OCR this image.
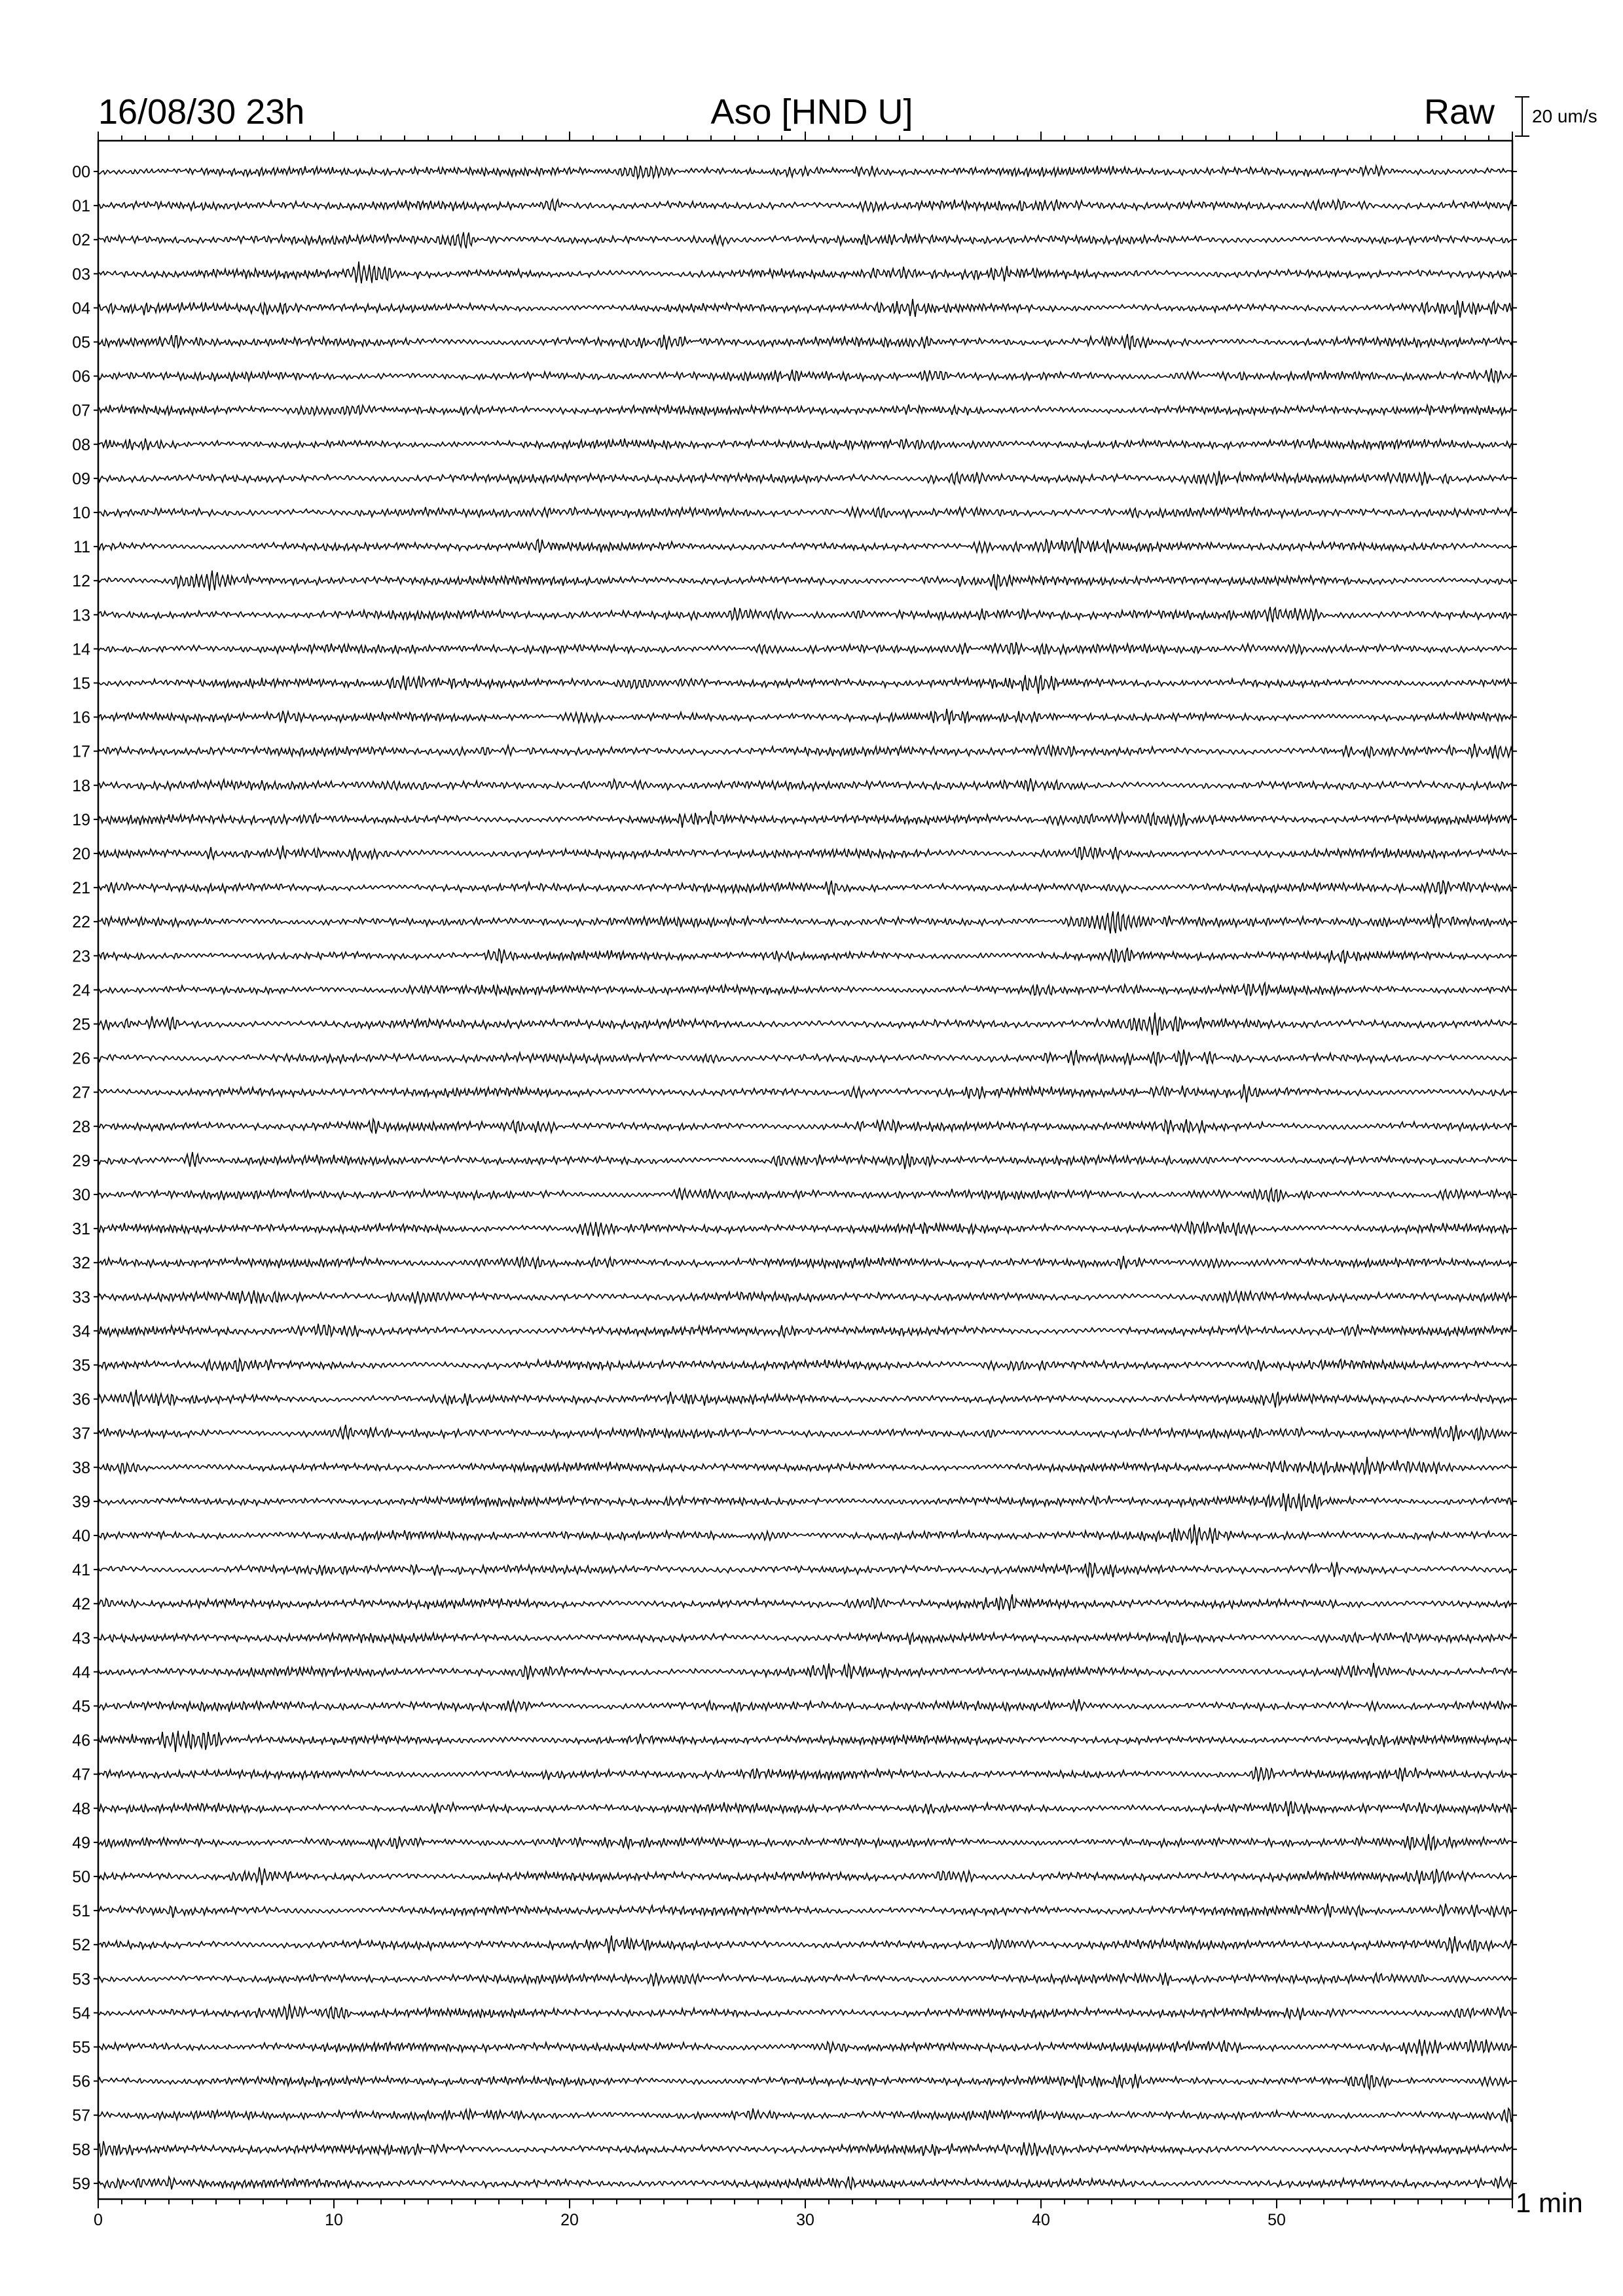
16/08/30 23h	Aso [HND U]	Raw 20 um/s
1 min
00
01
02
03
04
05
06
07
08
09
10
11
12
13
14
15
16
17
18
19
20
21
22
23
24
25
26
27
28
29
30
31
32
33
34
35
36
37
38
39
40
41
42
43
44
45
46
47
48
49
50
51
52
53
54
55
56
57
58
59
0	10	20	30	40	50
